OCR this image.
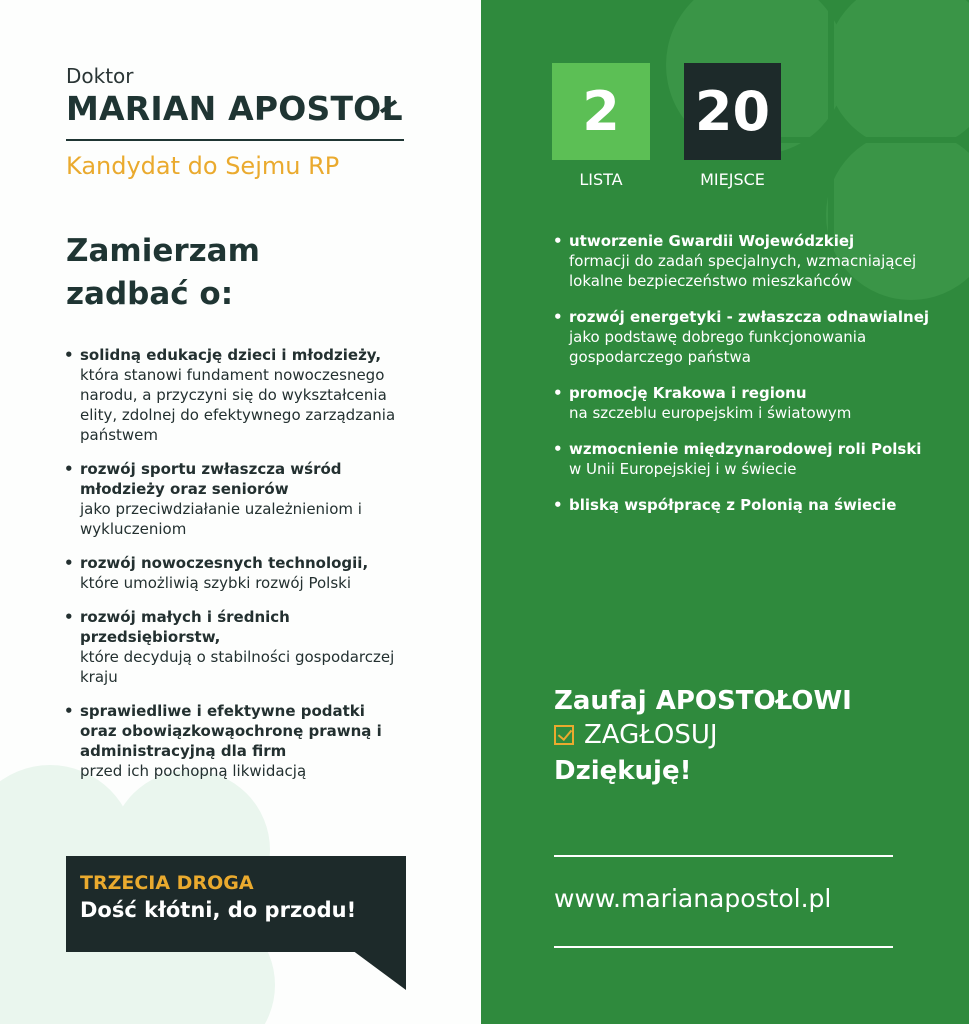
Doktor
MARIAN APOSTOŁ
Kandydat do Sejmu RP
Zamierzam zadbać o:
• solidną edukację dzieci i młodzieży,
która stanowi fundament nowoczesnego narodu, a przyczyni się do wykształcenia elity, zdolnej do efektywnego zarządzania państwem
• rozwój sportu zwłaszcza wśród młodzieży oraz seniorów
jako przeciwdziałanie uzależnieniom i wykluczeniom
• rozwój nowoczesnych technologii,
które umożliwią szybki rozwój Polski
• rozwój małych i średnich przedsiębiorstw,
które decydują o stabilności gospodarczej kraju
• sprawiedliwe i efektywne podatki oraz obowiązkowąochronę prawną i administracyjną dla firm
przed ich pochopną likwidacją
TRZECIA DROGA
Dość kłótni, do przodu!
2	20
LISTA	MIEJSCE
• utworzenie Gwardii Wojewódzkiej
formacji do zadań specjalnych, wzmacniającej lokalne bezpieczeństwo mieszkańców
• rozwój energetyki - zwłaszcza odnawialnej
jako podstawę dobrego funkcjonowania gospodarczego państwa
• promocję Krakowa i regionu
na szczeblu europejskim i światowym
• wzmocnienie międzynarodowej roli Polski
w Unii Europejskiej i w świecie
• bliską współpracę z Polonią na świecie
Zaufaj APOSTOŁOWI
ZAGŁOSUJ
Dziękuję!
www.marianapostol.pl
